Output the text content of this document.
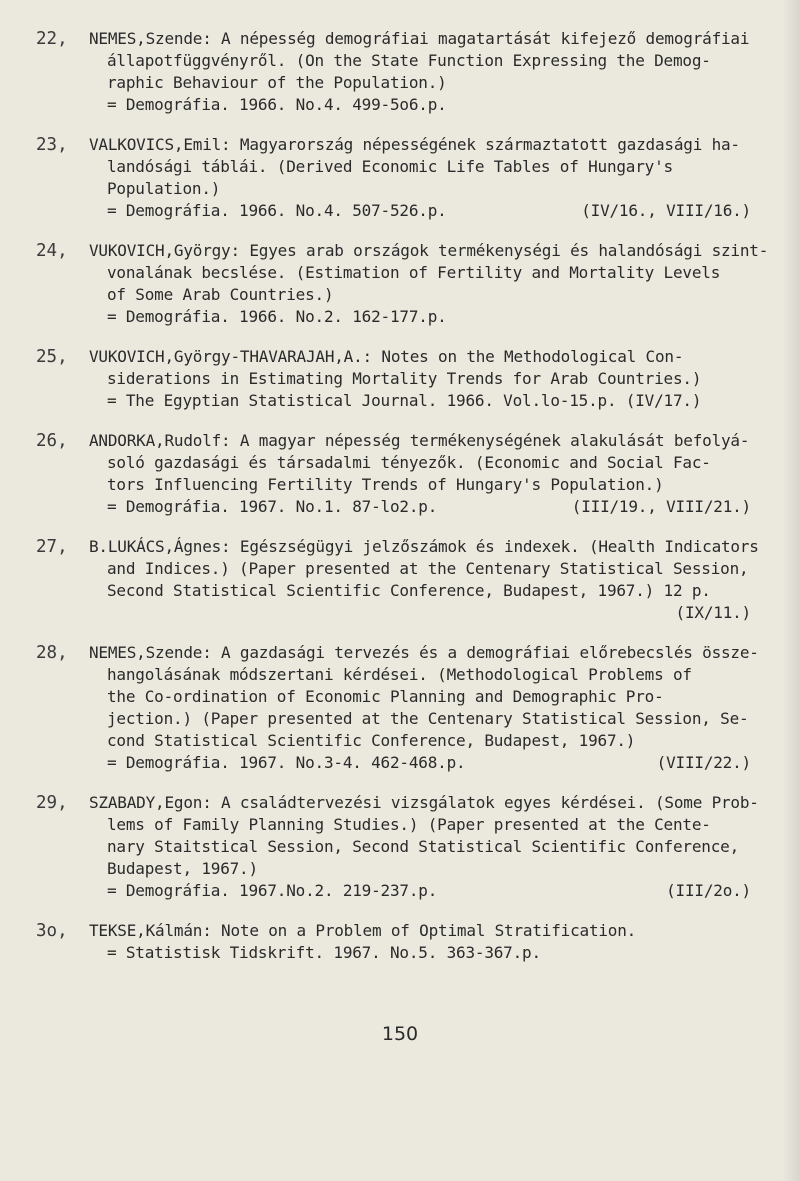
22,	NEMES,Szende: A népesség demográfiai magatartását kifejező demográfiai
állapotfüggvényről. (On the State Function Expressing the Demog-
raphic Behaviour of the Population.)
= Demográfia. 1966. No.4. 499-5o6.p.
23,	VALKOVICS,Emil: Magyarország népességének származtatott gazdasági ha-
landósági táblái. (Derived Economic Life Tables of Hungary's
Population.)
= Demográfia. 1966. No.4. 507-526.p.	(IV/16., VIII/16.)
24,	VUKOVICH,György: Egyes arab országok termékenységi és halandósági szint-
vonalának becslése. (Estimation of Fertility and Mortality Levels
of Some Arab Countries.)
= Demográfia. 1966. No.2. 162-177.p.
25,	VUKOVICH,György-THAVARAJAH,A.: Notes on the Methodological Con-
siderations in Estimating Mortality Trends for Arab Countries.)
= The Egyptian Statistical Journal. 1966. Vol.lo-15.p. (IV/17.)
26,	ANDORKA,Rudolf: A magyar népesség termékenységének alakulását befolyá-
soló gazdasági és társadalmi tényezők. (Economic and Social Fac-
tors Influencing Fertility Trends of Hungary's Population.)
= Demográfia. 1967. No.1. 87-lo2.p.	(III/19., VIII/21.)
27,	B.LUKÁCS,Ágnes: Egészségügyi jelzőszámok és indexek. (Health Indicators
and Indices.) (Paper presented at the Centenary Statistical Session,
Second Statistical Scientific Conference, Budapest, 1967.) 12 p.
(IX/11.)
28,	NEMES,Szende: A gazdasági tervezés és a demográfiai előrebecslés össze-
hangolásának módszertani kérdései. (Methodological Problems of
the Co-ordination of Economic Planning and Demographic Pro-
jection.) (Paper presented at the Centenary Statistical Session, Se-
cond Statistical Scientific Conference, Budapest, 1967.)
= Demográfia. 1967. No.3-4. 462-468.p.	(VIII/22.)
29,	SZABADY,Egon: A családtervezési vizsgálatok egyes kérdései. (Some Prob-
lems of Family Planning Studies.) (Paper presented at the Cente-
nary Staitstical Session, Second Statistical Scientific Conference,
Budapest, 1967.)
= Demográfia. 1967.No.2. 219-237.p.	(III/2o.)
3o,	TEKSE,Kálmán: Note on a Problem of Optimal Stratification.
= Statistisk Tidskrift. 1967. No.5. 363-367.p.
150
